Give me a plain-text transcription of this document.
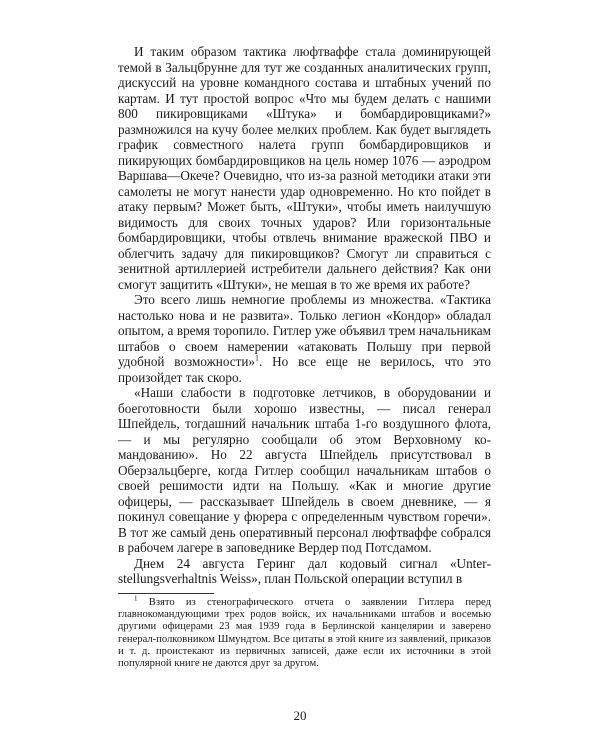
И таким образом тактика люфтваффе стала доминирующей темой в Зальцбрунне для тут же созданных аналитических групп, дискуссий на уровне командного состава и штабных учений по картам. И тут простой вопрос «Что мы будем делать с нашими 800 пикировщиками «Штука» и бомбардировщиками?» размножился на кучу более мелких проблем. Как будет выглядеть график совместного налета групп бомбардировщиков и пикирующих бомбардировщиков на цель номер 1076 — аэродром Варшава—Окече? Очевидно, что из-за разной методики атаки эти самолеты не могут нанести удар одновременно. Но кто пойдет в атаку первым? Может быть, «Штуки», чтобы иметь наилучшую видимость для своих точных ударов? Или горизонтальные бомбардировщики, чтобы отвлечь внимание вражеской ПВО и облегчить задачу для пикировщиков? Смогут ли справиться с зенитной артиллерией истребители дальнего действия? Как они смогут защитить «Штуки», не мешая в то же время их работе?

Это всего лишь немногие проблемы из множества. «Тактика настолько нова и не развита». Только легион «Кондор» обладал опытом, а время торопило. Гитлер уже объявил трем начальникам штабов о своем намерении «атаковать Польшу при первой удобной возможности»$^1$. Но все еще не верилось, что это произойдет так скоро.

«Наши слабости в подготовке летчиков, в оборудовании и боеготовности были хорошо известны, — писал генерал Шпейдель, тогдашний начальник штаба 1-го воздушного флота, — и мы регулярно сообщали об этом Верховному командованию». Но 22 августа Шпейдель присутствовал в Оберзальцберге, когда Гитлер сообщил начальникам штабов о своей решимости идти на Польшу. «Как и многие другие офицеры, — рассказывает Шпейдель в своем дневнике, — я покинул совещание у фюрера с определенным чувством горечи». В тот же самый день оперативный персонал люфтваффе собрался в рабочем лагере в заповеднике Вердер под Потсдамом.

Днем 24 августа Геринг дал кодовый сигнал «Unterstellungsverhaltnis Weiss», план Польской операции вступил в

$^1$ Взято из стенографического отчета о заявлении Гитлера перед главнокомандующими трех родов войск, их начальниками штабов и восемью другими офицерами 23 мая 1939 года в Берлинской канцелярии и заверено генерал-полковником Шмундтом. Все цитаты в этой книге из заявлений, приказов и т. д. проистекают из первичных записей, даже если их источники в этой популярной книге не даются друг за другом.

20
